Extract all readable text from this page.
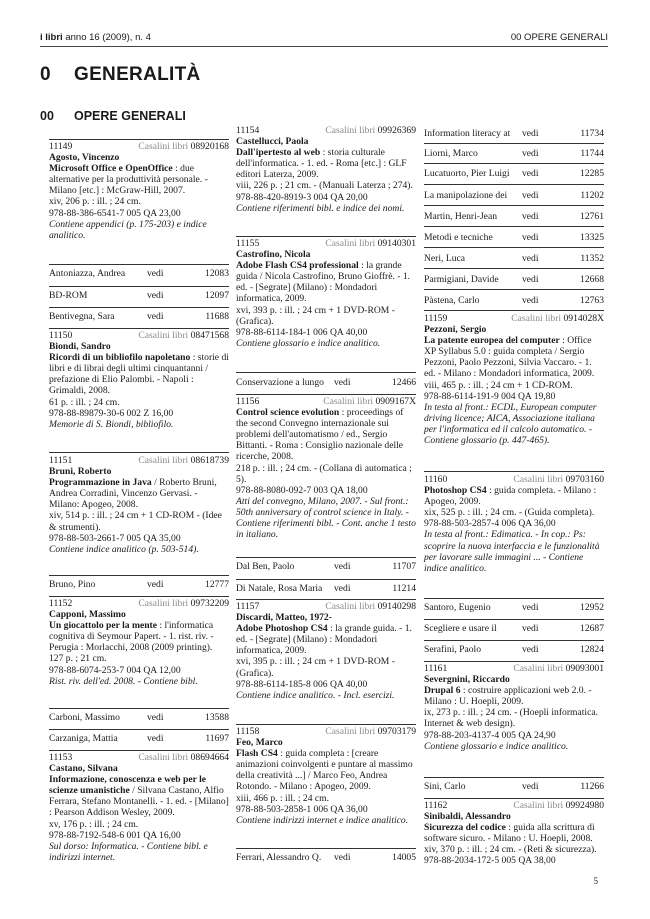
i libri anno 16 (2009), n. 4	00 OPERE GENERALI
0 GENERALITÀ
00 OPERE GENERALI
11149	Casalini libri 08920168
Agosto, Vincenzo
Microsoft Office e OpenOffice : due alternative per la produttività personale. - Milano [etc.] : McGraw-Hill, 2007.
xiv, 206 p. : ill. ; 24 cm.
978-88-386-6541-7 005 QA 23,00
Contiene appendici (p. 175-203) e indice analitico.
Antoniazza, Andrea	vedi	12083
BD-ROM	vedi	12097
Bentivegna, Sara	vedi	11688
11150	Casalini libri 08471568
Biondi, Sandro
Ricordi di un bibliofilo napoletano : storie di libri e di librai degli ultimi cinquantanni / prefazione di Elio Palombi. - Napoli : Grimaldi, 2008.
61 p. : ill. ; 24 cm.
978-88-89879-30-6 002 Z 16,00
Memorie di S. Biondi, bibliofilo.
11151	Casalini libri 08618739
Bruni, Roberto
Programmazione in Java / Roberto Bruni, Andrea Corradini, Vincenzo Gervasi. - Milano: Apogeo, 2008.
xiv, 514 p. : ill. ; 24 cm + 1 CD-ROM - (Idee & strumenti).
978-88-503-2661-7 005 QA 35,00
Contiene indice analitico (p. 503-514).
Bruno, Pino	vedi	12777
11152	Casalini libri 09732209
Capponi, Massimo
Un giocattolo per la mente : l'informatica cognitiva di Seymour Papert. - 1. rist. riv. - Perugia : Morlacchi, 2008 (2009 printing).
127 p. ; 21 cm.
978-88-6074-253-7 004 QA 12,00
Rist. riv. dell'ed. 2008. - Contiene bibl.
Carboni, Massimo	vedi	13588
Carzaniga, Mattia	vedi	11697
11153	Casalini libri 08694664
Castano, Silvana
Informazione, conoscenza e web per le scienze umanistiche / Silvana Castano, Alfio Ferrara, Stefano Montanelli. - 1. ed. - [Milano] : Pearson Addison Wesley, 2009.
xv, 176 p. : ill. ; 24 cm.
978-88-7192-548-6 001 QA 16,00
Sul dorso: Informatica. - Contiene bibl. e indirizzi internet.
11154	Casalini libri 09926369
Castellucci, Paola
Dall'ipertesto al web : storia culturale dell'informatica. - 1. ed. - Roma [etc.] : GLF editori Laterza, 2009.
viii, 226 p. ; 21 cm. - (Manuali Laterza ; 274).
978-88-420-8919-3 004 QA 20,00
Contiene riferimenti bibl. e indice dei nomi.
11155	Casalini libri 09140301
Castrofino, Nicola
Adobe Flash CS4 professional : la grande guida / Nicola Castrofino, Bruno Gioffrè. - 1. ed. - [Segrate] (Milano) : Mondadori informatica, 2009.
xvi, 393 p. : ill. ; 24 cm + 1 DVD-ROM - (Grafica).
978-88-6114-184-1 006 QA 40,00
Contiene glossario e indice analitico.
Conservazione a lungo	vedi	12466
11156	Casalini libri 0909167X
Control science evolution : proceedings of the second Convegno internazionale sui problemi dell'automatismo / ed., Sergio Bittanti. - Roma : Consiglio nazionale delle ricerche, 2008.
218 p. : ill. ; 24 cm. - (Collana di automatica ; 5).
978-88-8080-092-7 003 QA 18,00
Atti del convegno, Milano, 2007. - Sul front.: 50th anniversary of control science in Italy. - Contiene riferimenti bibl. - Cont. anche 1 testo in italiano.
Dal Ben, Paolo	vedi	11707
Di Natale, Rosa Maria	vedi	11214
11157	Casalini libri 09140298
Discardi, Matteo, 1972-
Adobe Photoshop CS4 : la grande guida. - 1. ed. - [Segrate] (Milano) : Mondadori informatica, 2009.
xvi, 395 p. : ill. ; 24 cm + 1 DVD-ROM - (Grafica).
978-88-6114-185-8 006 QA 40,00
Contiene indice analitico. - Incl. esercizi.
11158	Casalini libri 09703179
Feo, Marco
Flash CS4 : guida completa : [creare animazioni coinvolgenti e puntare al massimo della creatività ...] / Marco Feo, Andrea Rotondo. - Milano : Apogeo, 2009.
xiii, 466 p. : ill. ; 24 cm.
978-88-503-2858-1 006 QA 36,00
Contiene indirizzi internet e indice analitico.
Ferrari, Alessandro Q.	vedi	14005
Information literacy at	vedi	11734
Liorni, Marco	vedi	11744
Lucatuorto, Pier Luigi	vedi	12285
La manipolazione dei	vedi	11202
Martin, Henri-Jean	vedi	12761
Metodi e tecniche	vedi	13325
Neri, Luca	vedi	11352
Parmigiani, Davide	vedi	12668
Pàstena, Carlo	vedi	12763
11159	Casalini libri 0914028X
Pezzoni, Sergio
La patente europea del computer : Office XP Syllabus 5.0 : guida completa / Sergio Pezzoni, Paolo Pezzoni, Silvia Vaccaro. - 1. ed. - Milano : Mondadori informatica, 2009.
viii, 465 p. : ill. ; 24 cm + 1 CD-ROM.
978-88-6114-191-9 004 QA 19,80
In testa al front.: ECDL, European computer driving licence; AICA, Associazione italiana per l'informatica ed il calcolo automatico. - Contiene glossario (p. 447-465).
11160	Casalini libri 09703160
Photoshop CS4 : guida completa. - Milano : Apogeo, 2009.
xix, 525 p. : ill. ; 24 cm. - (Guida completa).
978-88-503-2857-4 006 QA 36,00
In testa al front.: Edimatica. - In cop.: Ps: scoprire la nuova interfaccia e le funzionalità per lavorare sulle immagini ... - Contiene indice analitico.
Santoro, Eugenio	vedi	12952
Scegliere e usare il	vedi	12687
Serafini, Paolo	vedi	12824
11161	Casalini libri 09093001
Severgnini, Riccardo
Drupal 6 : costruire applicazioni web 2.0. - Milano : U. Hoepli, 2009.
ix, 273 p. : ill. ; 24 cm. - (Hoepli informatica. Internet & web design).
978-88-203-4137-4 005 QA 24,90
Contiene glossario e indice analitico.
Sini, Carlo	vedi	11266
11162	Casalini libri 09924980
Sinibaldi, Alessandro
Sicurezza del codice : guida alla scrittura di software sicuro. - Milano : U. Hoepli, 2008.
xiv, 370 p. : ill. ; 24 cm. - (Reti & sicurezza).
978-88-2034-172-5 005 QA 38,00
5
